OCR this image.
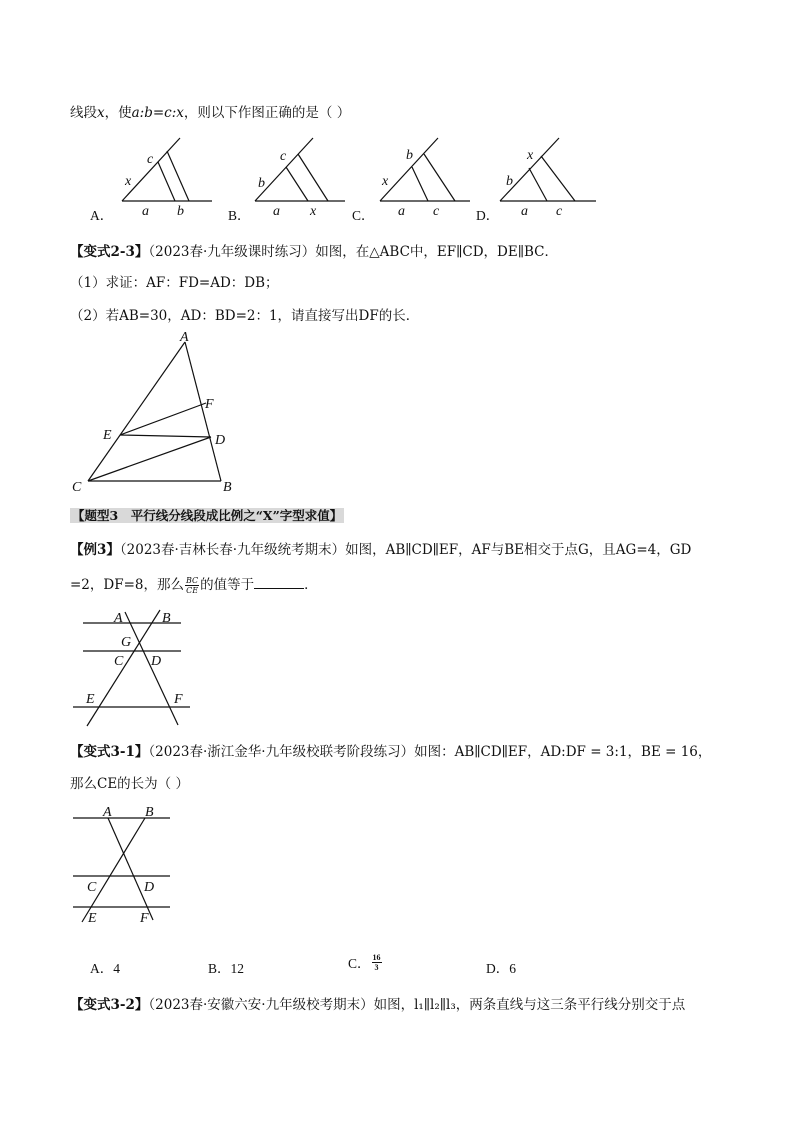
线段x，使a:b=c:x，则以下作图正确的是（ ）
A．
x
c
a b	B．
b
c
a x	C．
x
b
a c	D．
b
x
a c
【变式2-3】（2023春·九年级课时练习）如图，在△ABC中，EF∥CD，DE∥BC．
（1）求证：AF：FD=AD：DB；
（2）若AB=30，AD：BD=2：1，请直接写出DF的长．
A
F
E	D
C	B
【题型3　平行线分线段成比例之“X”字型求值】
【例3】（2023春·吉林长春·九年级统考期末）如图，AB∥CD∥EF，AF与BE相交于点G，且AG=4，GD
=2，DF=8，那么 $\frac{BC}{CE}$ 的值等于	．
A	B
G
C D
E	F
【变式3-1】（2023春·浙江金华·九年级校联考阶段练习）如图：AB∥CD∥EF，AD:DF = 3:1，BE = 16，
那么CE的长为（ ）
A B
C	D
E	F
A．4	B．12	C． $\frac{16}{3}$	D．6
【变式3-2】（2023春·安徽六安·九年级校考期末）如图，l₁∥l₂∥l₃，两条直线与这三条平行线分别交于点
